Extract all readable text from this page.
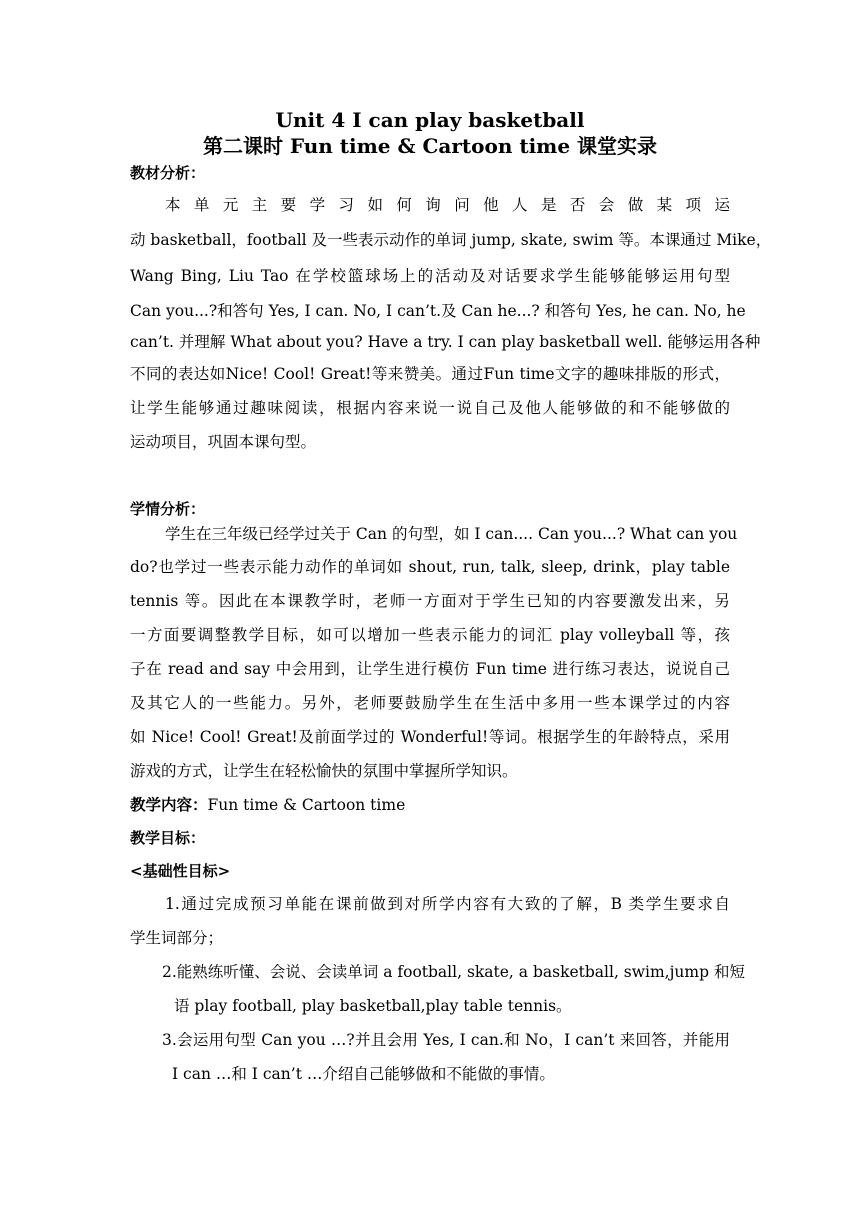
Unit 4 I can play basketball
第二课时 Fun time & Cartoon time 课堂实录
教材分析：
本单元主要学习如何询问他人是否会做某项运
动 basketball，football 及一些表示动作的单词 jump, skate, swim 等。本课通过 Mike，
Wang Bing, Liu Tao 在学校篮球场上的活动及对话要求学生能够能够运用句型
Can you...?和答句 Yes, I can. No, I can’t.及 Can he...? 和答句 Yes, he can. No, he
can’t. 并理解 What about you? Have a try. I can play basketball well. 能够运用各种
不同的表达如Nice! Cool! Great!等来赞美。通过Fun time文字的趣味排版的形式，
让学生能够通过趣味阅读，根据内容来说一说自己及他人能够做的和不能够做的
运动项目，巩固本课句型。
学情分析：
学生在三年级已经学过关于 Can 的句型，如 I can.... Can you...? What can you
do?也学过一些表示能力动作的单词如 shout, run, talk, sleep, drink，play table
tennis 等。因此在本课教学时，老师一方面对于学生已知的内容要激发出来，另
一方面要调整教学目标，如可以增加一些表示能力的词汇 play volleyball 等，孩
子在 read and say 中会用到，让学生进行模仿 Fun time 进行练习表达，说说自己
及其它人的一些能力。另外，老师要鼓励学生在生活中多用一些本课学过的内容
如 Nice! Cool! Great!及前面学过的 Wonderful!等词。根据学生的年龄特点，采用
游戏的方式，让学生在轻松愉快的氛围中掌握所学知识。
教学内容：Fun time & Cartoon time
教学目标：
<基础性目标>
1.通过完成预习单能在课前做到对所学内容有大致的了解，B 类学生要求自
学生词部分；
2.能熟练听懂、会说、会读单词 a football, skate, a basketball, swim,jump 和短
语 play football, play basketball,play table tennis。
3.会运用句型 Can you …?并且会用 Yes, I can.和 No，I can’t 来回答，并能用
I can …和 I can’t …介绍自己能够做和不能做的事情。
